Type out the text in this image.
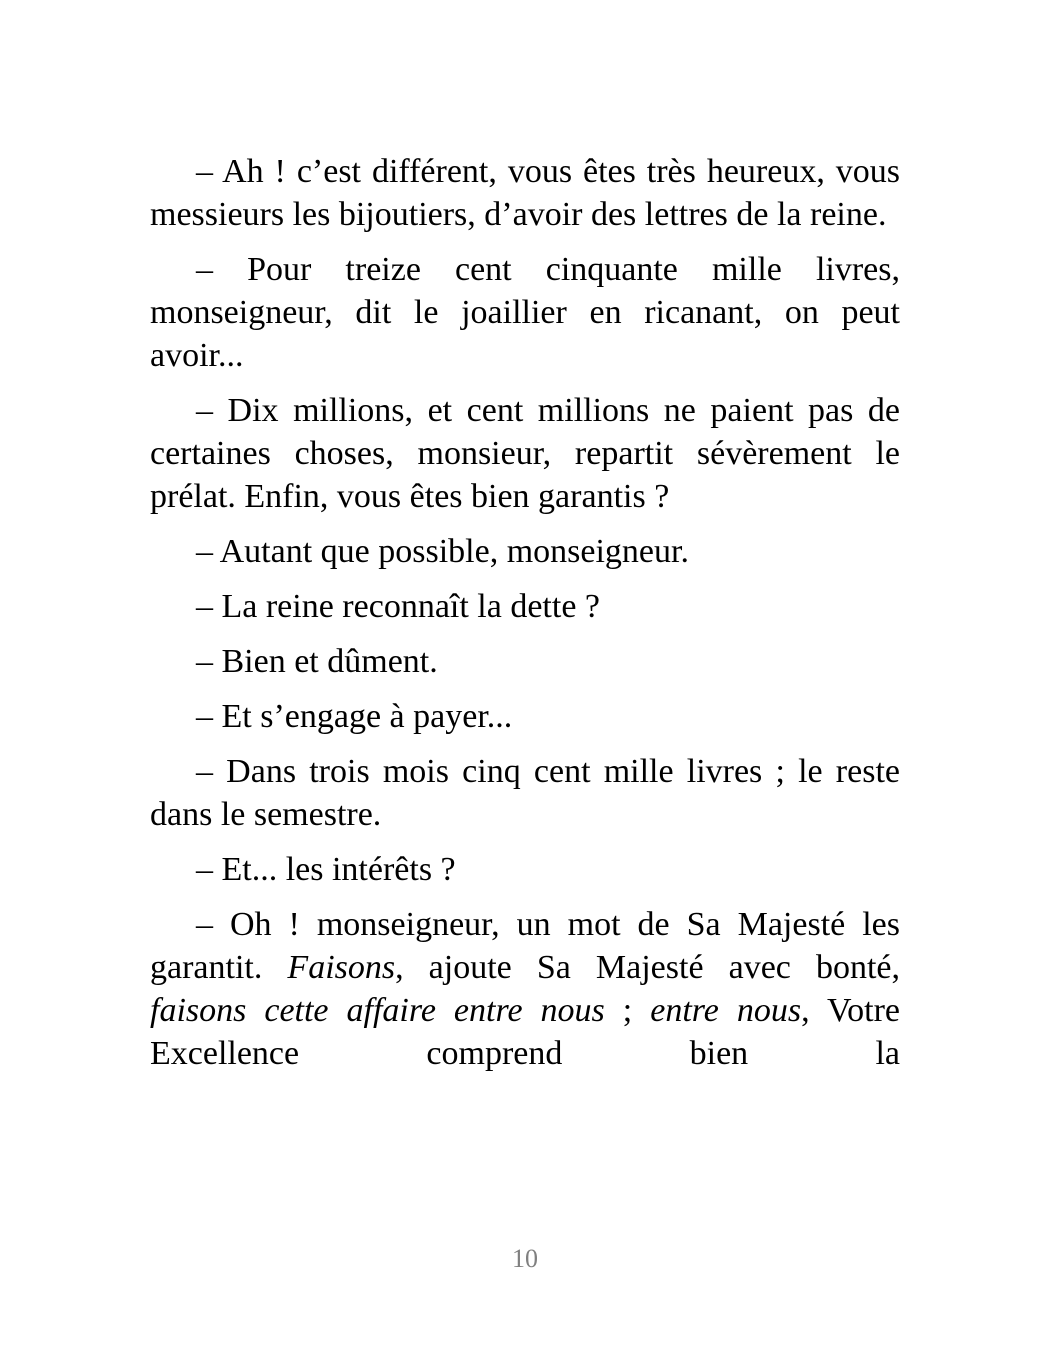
– Ah ! c’est différent, vous êtes très heureux, vous messieurs les bijoutiers, d’avoir des lettres de la reine.

– Pour treize cent cinquante mille livres, monseigneur, dit le joaillier en ricanant, on peut avoir...

– Dix millions, et cent millions ne paient pas de certaines choses, monsieur, repartit sévèrement le prélat. Enfin, vous êtes bien garantis ?

– Autant que possible, monseigneur.

– La reine reconnaît la dette ?

– Bien et dûment.

– Et s’engage à payer...

– Dans trois mois cinq cent mille livres ; le reste dans le semestre.

– Et... les intérêts ?

– Oh ! monseigneur, un mot de Sa Majesté les garantit. Faisons, ajoute Sa Majesté avec bonté, faisons cette affaire entre nous ; entre nous, Votre Excellence comprend bien la

10
